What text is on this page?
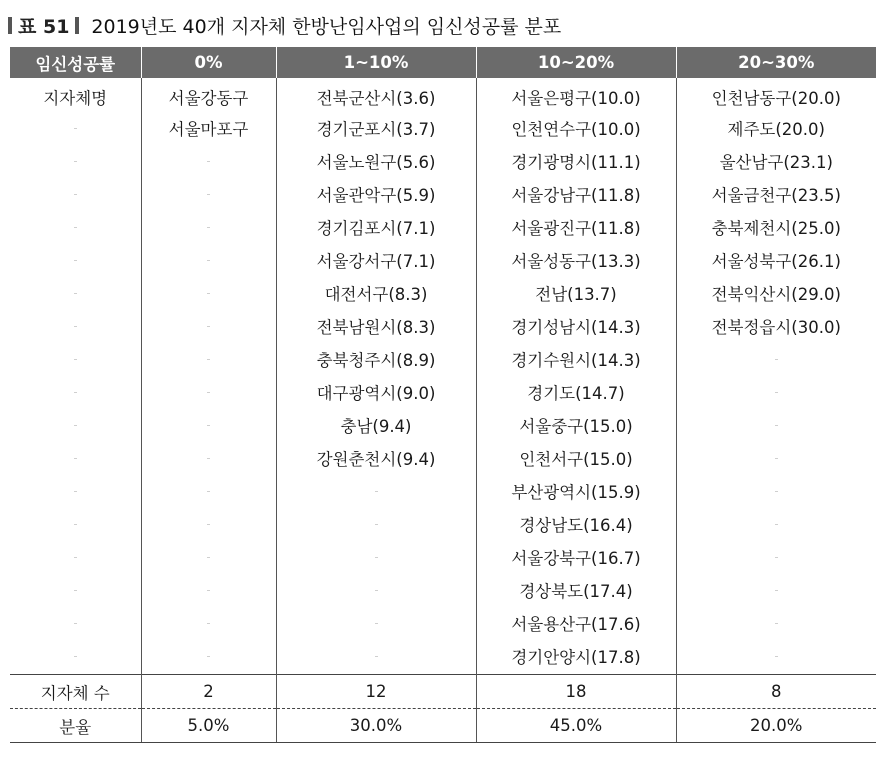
표 51 2019년도 40개 지자체 한방난임사업의 임신성공률 분포
임신성공률	0%	1~10%	10~20%	20~30%
지자체명	서울강동구	전북군산시(3.6)	서울은평구(10.0)	인천남동구(20.0)
	서울마포구	경기군포시(3.7)	인천연수구(10.0)	제주도(20.0)
		서울노원구(5.6)	경기광명시(11.1)	울산남구(23.1)
		서울관악구(5.9)	서울강남구(11.8)	서울금천구(23.5)
		경기김포시(7.1)	서울광진구(11.8)	충북제천시(25.0)
		서울강서구(7.1)	서울성동구(13.3)	서울성북구(26.1)
		대전서구(8.3)	전남(13.7)	전북익산시(29.0)
		전북남원시(8.3)	경기성남시(14.3)	전북정읍시(30.0)
		충북청주시(8.9)	경기수원시(14.3)	
		대구광역시(9.0)	경기도(14.7)	
		충남(9.4)	서울중구(15.0)	
		강원춘천시(9.4)	인천서구(15.0)	
			부산광역시(15.9)	
			경상남도(16.4)	
			서울강북구(16.7)	
			경상북도(17.4)	
			서울용산구(17.6)	
			경기안양시(17.8)	
지자체 수	2	12	18	8
분율	5.0%	30.0%	45.0%	20.0%
